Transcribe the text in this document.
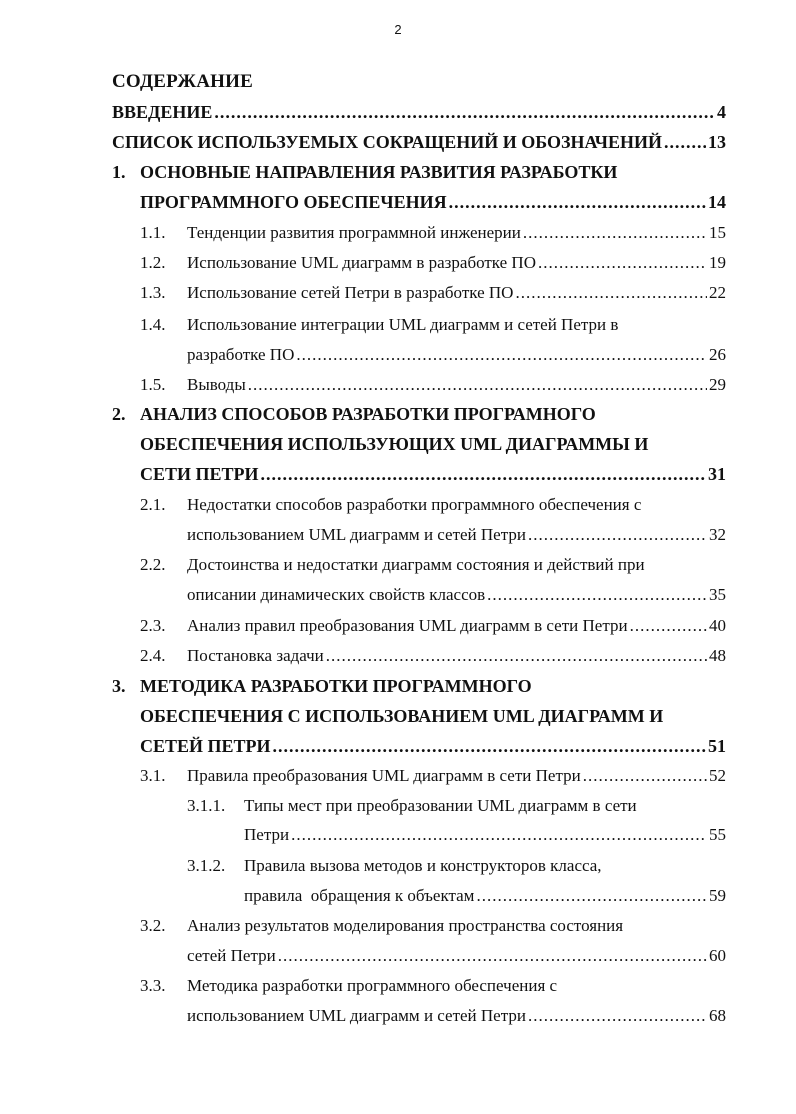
2
СОДЕРЖАНИЕ
ВВЕДЕНИЕ .....	4
СПИСОК ИСПОЛЬЗУЕМЫХ СОКРАЩЕНИЙ И ОБОЗНАЧЕНИЙ .....	13
1. ОСНОВНЫЕ НАПРАВЛЕНИЯ РАЗВИТИЯ РАЗРАБОТКИ
ПРОГРАММНОГО ОБЕСПЕЧЕНИЯ .....	14
1.1. Тенденции развития программной инженерии .....	15
1.2. Использование UML диаграмм в разработке ПО .....	19
1.3. Использование сетей Петри в разработке ПО .....	22
1.4. Использование интеграции UML диаграмм и сетей Петри в
разработке ПО .....	26
1.5. Выводы .....	29
2. АНАЛИЗ СПОСОБОВ РАЗРАБОТКИ ПРОГРАМНОГО
ОБЕСПЕЧЕНИЯ ИСПОЛЬЗУЮЩИХ UML ДИАГРАММЫ И
СЕТИ ПЕТРИ .....	31
2.1. Недостатки способов разработки программного обеспечения с
использованием UML диаграмм и сетей Петри .....	32
2.2. Достоинства и недостатки диаграмм состояния и действий при
описании динамических свойств классов .....	35
2.3. Анализ правил преобразования UML диаграмм в сети Петри .....	40
2.4. Постановка задачи .....	48
3. МЕТОДИКА РАЗРАБОТКИ ПРОГРАММНОГО
ОБЕСПЕЧЕНИЯ С ИСПОЛЬЗОВАНИЕМ UML ДИАГРАММ И
СЕТЕЙ ПЕТРИ .....	51
3.1. Правила преобразования UML диаграмм в сети Петри .....	52
3.1.1. Типы мест при преобразовании UML диаграмм в сети
Петри .....	55
3.1.2. Правила вызова методов и конструкторов класса,
правила  обращения к объектам .....	59
3.2. Анализ результатов моделирования пространства состояния
сетей Петри .....	60
3.3. Методика разработки программного обеспечения с
использованием UML диаграмм и сетей Петри .....	68
